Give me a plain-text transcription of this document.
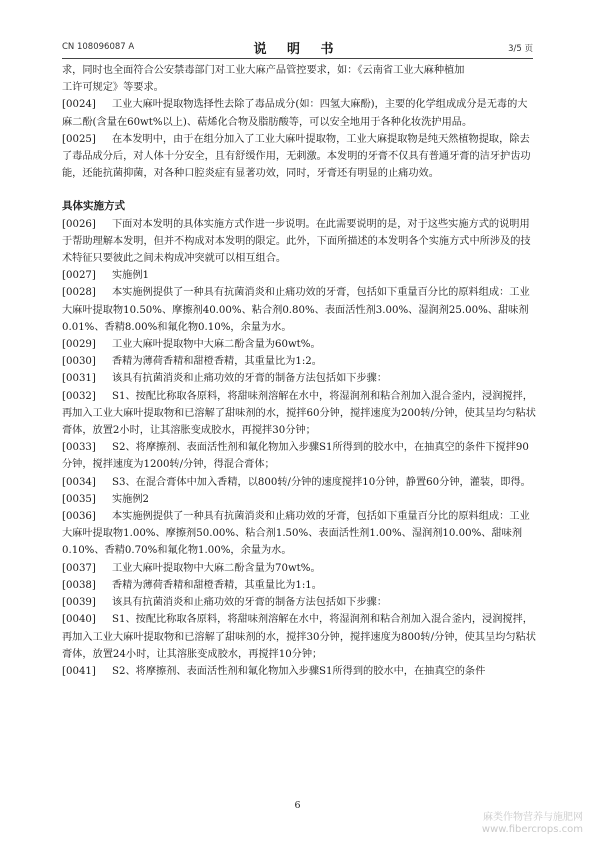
CN 108096087 A	说 明 书	3/5 页

求，同时也全面符合公安禁毒部门对工业大麻产品管控要求，如：《云南省工业大麻种植加

工许可规定》等要求。

[0024] 工业大麻叶提取物选择性去除了毒品成分(如：四氢大麻酚)，主要的化学组成成分是无毒的大麻二酚(含量在60wt%以上)、萜烯化合物及脂肪酸等，可以安全地用于各种化妆洗护用品。

[0025] 在本发明中，由于在组分加入了工业大麻叶提取物，工业大麻提取物是纯天然植物提取，除去了毒品成分后，对人体十分安全，且有舒缓作用，无刺激。本发明的牙膏不仅具有普通牙膏的洁牙护齿功能，还能抗菌抑菌，对各种口腔炎症有显著功效，同时，牙膏还有明显的止痛功效。

具体实施方式

[0026] 下面对本发明的具体实施方式作进一步说明。在此需要说明的是，对于这些实施方式的说明用于帮助理解本发明，但并不构成对本发明的限定。此外，下面所描述的本发明各个实施方式中所涉及的技术特征只要彼此之间未构成冲突就可以相互组合。

[0027] 实施例1

[0028] 本实施例提供了一种具有抗菌消炎和止痛功效的牙膏，包括如下重量百分比的原料组成：工业大麻叶提取物10.50%、摩擦剂40.00%、粘合剂0.80%、表面活性剂3.00%、湿润剂25.00%、甜味剂0.01%、香精8.00%和氟化物0.10%，余量为水。

[0029] 工业大麻叶提取物中大麻二酚含量为60wt%。

[0030] 香精为薄荷香精和甜橙香精，其重量比为1:2。

[0031] 该具有抗菌消炎和止痛功效的牙膏的制备方法包括如下步骤：

[0032] S1、按配比称取各原料，将甜味剂溶解在水中，将湿润剂和粘合剂加入混合釜内，浸润搅拌，再加入工业大麻叶提取物和已溶解了甜味剂的水，搅拌60分钟，搅拌速度为200转/分钟，使其呈均匀粘状膏体，放置2小时，让其溶胀变成胶水，再搅拌30分钟；

[0033] S2、将摩擦剂、表面活性剂和氟化物加入步骤S1所得到的胶水中，在抽真空的条件下搅拌90分钟，搅拌速度为1200转/分钟，得混合膏体；

[0034] S3、在混合膏体中加入香精，以800转/分钟的速度搅拌10分钟，静置60分钟，灌装，即得。

[0035] 实施例2

[0036] 本实施例提供了一种具有抗菌消炎和止痛功效的牙膏，包括如下重量百分比的原料组成：工业大麻叶提取物1.00%、摩擦剂50.00%、粘合剂1.50%、表面活性剂1.00%、湿润剂10.00%、甜味剂0.10%、香精0.70%和氟化物1.00%，余量为水。

[0037] 工业大麻叶提取物中大麻二酚含量为70wt%。

[0038] 香精为薄荷香精和甜橙香精，其重量比为1:1。

[0039] 该具有抗菌消炎和止痛功效的牙膏的制备方法包括如下步骤：

[0040] S1、按配比称取各原料，将甜味剂溶解在水中，将湿润剂和粘合剂加入混合釜内，浸润搅拌，再加入工业大麻叶提取物和已溶解了甜味剂的水，搅拌30分钟，搅拌速度为800转/分钟，使其呈均匀粘状膏体，放置24小时，让其溶胀变成胶水，再搅拌10分钟；

[0041] S2、将摩擦剂、表面活性剂和氟化物加入步骤S1所得到的胶水中，在抽真空的条件

6
麻类作物营养与施肥网
www.fibercrops.com
